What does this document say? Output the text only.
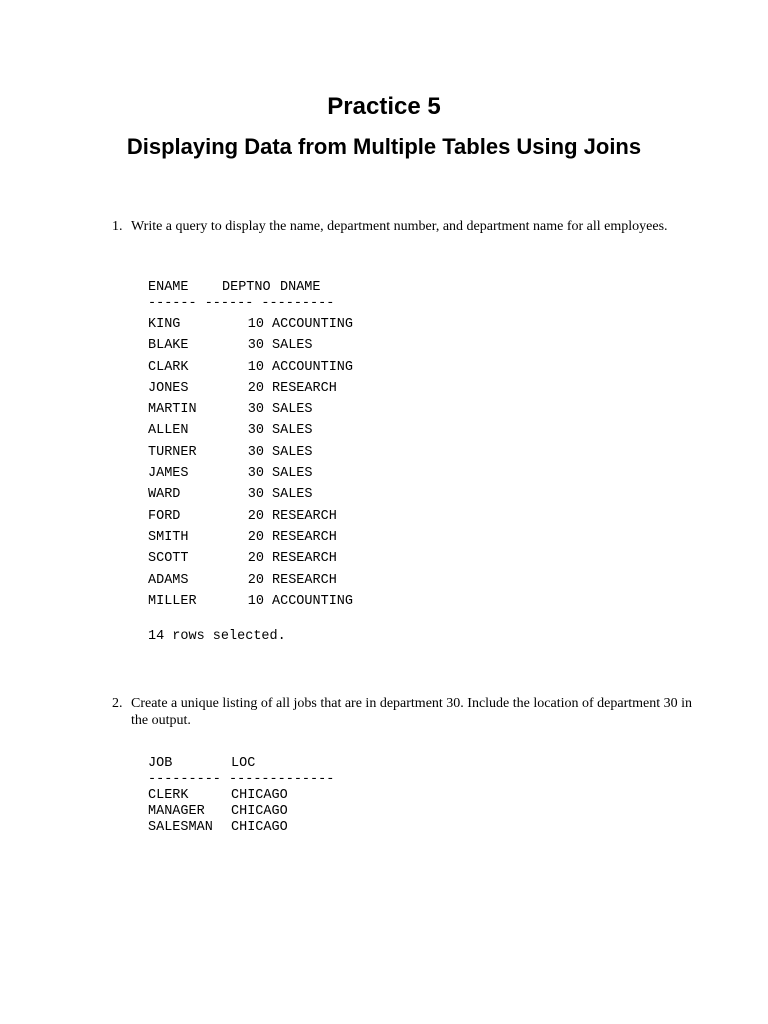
Practice 5
Displaying Data from Multiple Tables Using Joins
1. Write a query to display the name, department number, and department name for all employees.
ENAME DEPTNO DNAME
------ ------ ---------
KING	10 ACCOUNTING
BLAKE	30 SALES
CLARK	10 ACCOUNTING
JONES	20 RESEARCH
MARTIN	30 SALES
ALLEN	30 SALES
TURNER	30 SALES
JAMES	30 SALES
WARD	30 SALES
FORD	20 RESEARCH
SMITH	20 RESEARCH
SCOTT	20 RESEARCH
ADAMS	20 RESEARCH
MILLER	10 ACCOUNTING
14 rows selected.
2. Create a unique listing of all jobs that are in department 30. Include the location of department 30 in the output.
JOB	LOC
--------- -------------
CLERK	CHICAGO
MANAGER CHICAGO
SALESMAN CHICAGO
